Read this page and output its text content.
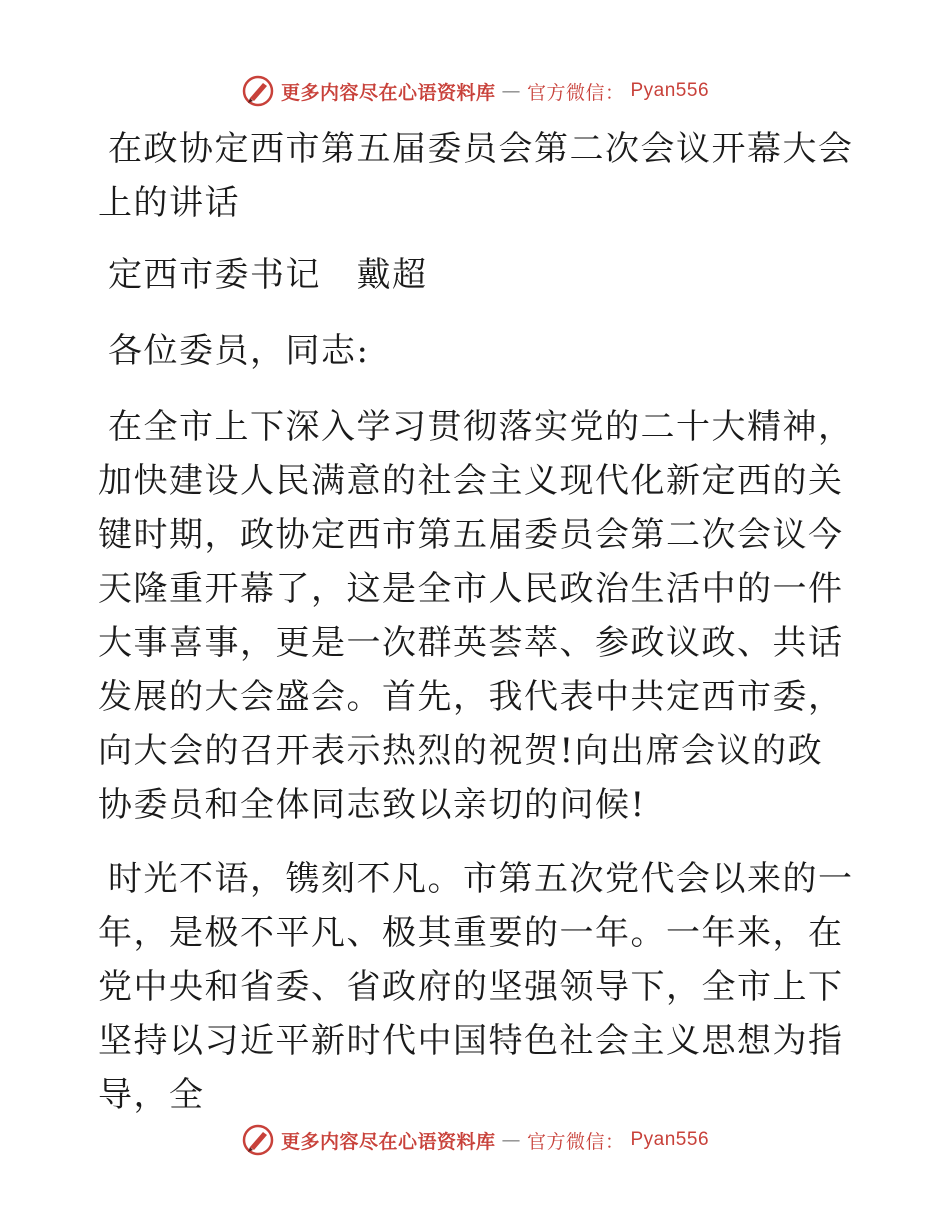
更多内容尽在心语资料库 — 官方微信： Pyan556

在政协定西市第五届委员会第二次会议开幕大会上的讲话

定西市委书记　戴超

各位委员，同志:

在全市上下深入学习贯彻落实党的二十大精神，加快建设人民满意的社会主义现代化新定西的关键时期，政协定西市第五届委员会第二次会议今天隆重开幕了，这是全市人民政治生活中的一件大事喜事，更是一次群英荟萃、参政议政、共话发展的大会盛会。首先，我代表中共定西市委，向大会的召开表示热烈的祝贺!向出席会议的政协委员和全体同志致以亲切的问候!

时光不语，镌刻不凡。市第五次党代会以来的一年，是极不平凡、极其重要的一年。一年来，在党中央和省委、省政府的坚强领导下，全市上下坚持以习近平新时代中国特色社会主义思想为指导，全

更多内容尽在心语资料库 — 官方微信： Pyan556
